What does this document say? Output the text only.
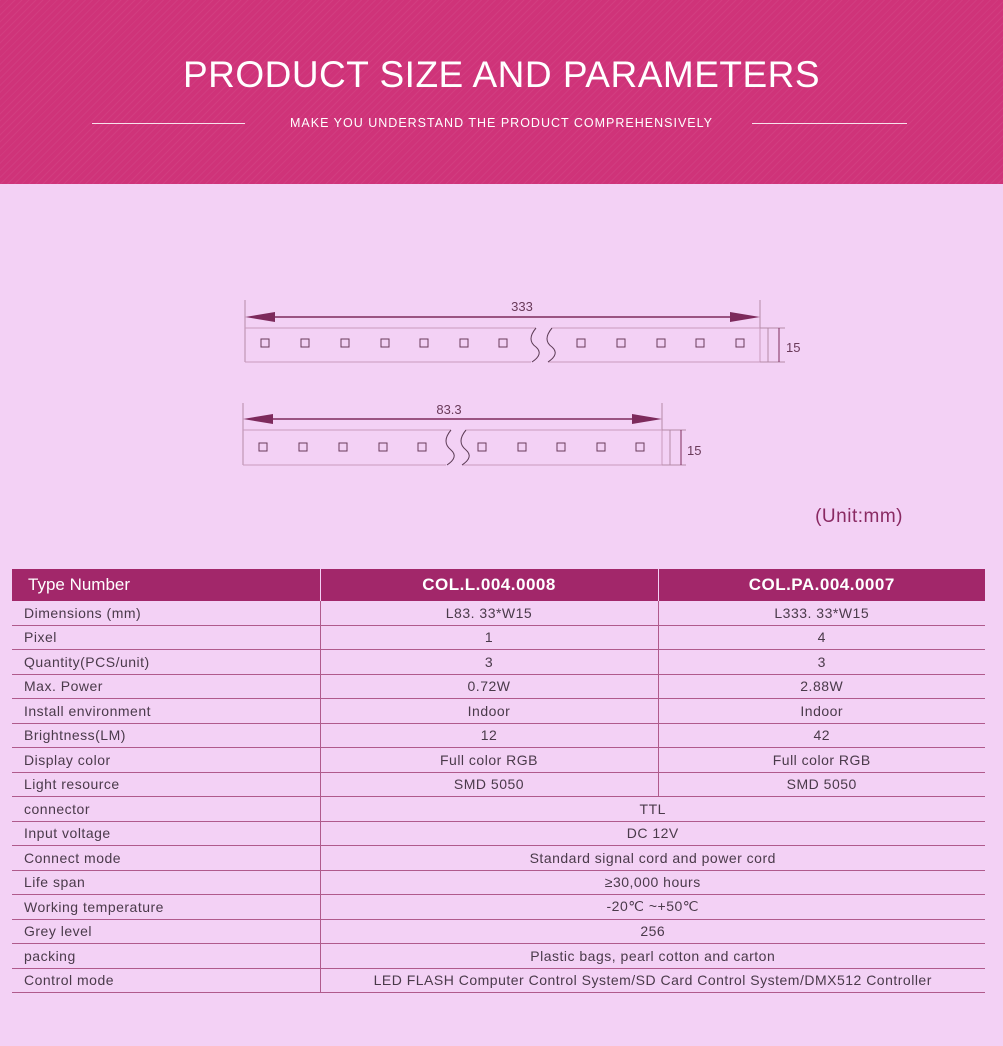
PRODUCT SIZE AND PARAMETERS
MAKE YOU UNDERSTAND THE PRODUCT COMPREHENSIVELY
333
15
83.3
15
(Unit:mm)
Type Number	COL.L.004.0008	COL.PA.004.0007
Dimensions (mm)	L83. 33*W15	L333. 33*W15
Pixel	1	4
Quantity(PCS/unit)	3	3
Max. Power	0.72W	2.88W
Install environment	Indoor	Indoor
Brightness(LM)	12	42
Display color	Full color RGB	Full color RGB
Light resource	SMD 5050	SMD 5050
connector	TTL	
Input voltage	DC 12V	
Connect mode	Standard signal cord and power cord	
Life span	≥30,000 hours	
Working temperature	-20℃ ~+50℃	
Grey level	256	
packing	Plastic bags, pearl cotton and carton	
Control mode	LED FLASH Computer Control System/SD Card Control System/DMX512 Controller	
